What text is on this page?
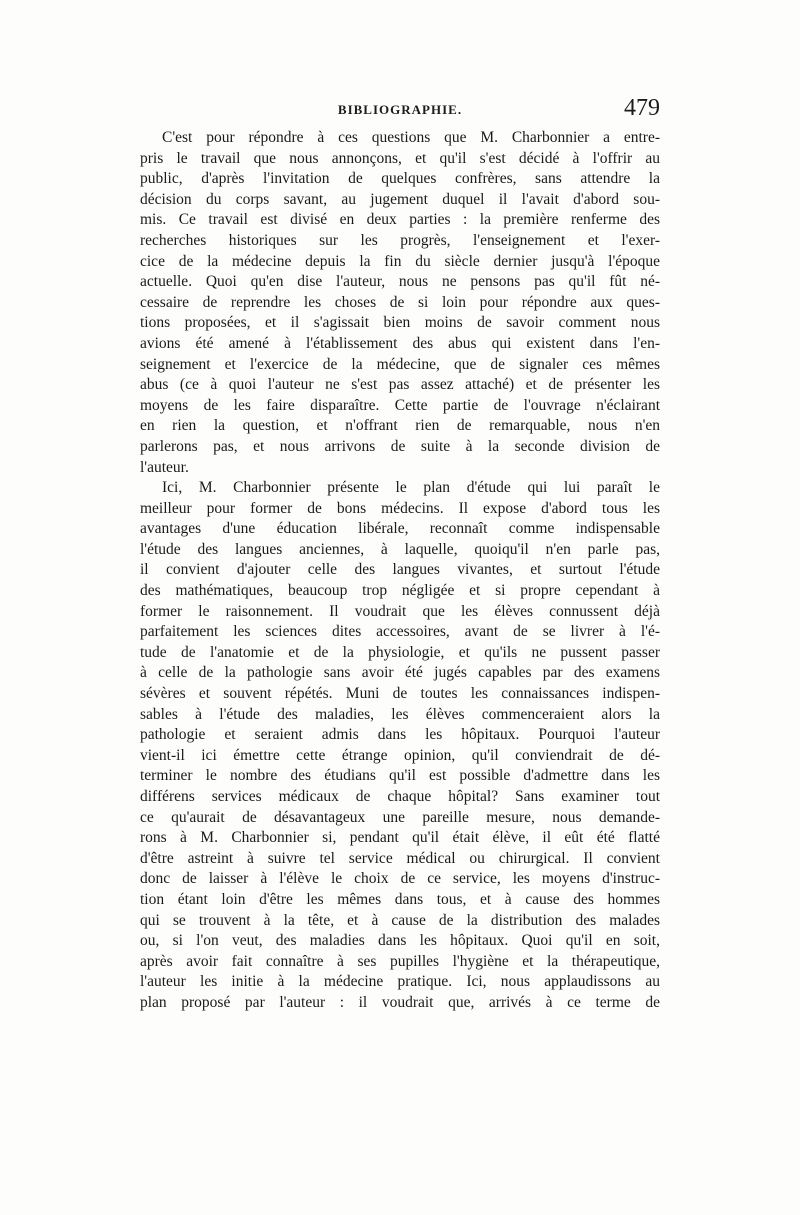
BIBLIOGRAPHIE.	479
C'est pour répondre à ces questions que M. Charbonnier a entre-
pris le travail que nous annonçons, et qu'il s'est décidé à l'offrir au
public, d'après l'invitation de quelques confrères, sans attendre la
décision du corps savant, au jugement duquel il l'avait d'abord sou-
mis. Ce travail est divisé en deux parties : la première renferme des
recherches historiques sur les progrès, l'enseignement et l'exer-
cice de la médecine depuis la fin du siècle dernier jusqu'à l'époque
actuelle. Quoi qu'en dise l'auteur, nous ne pensons pas qu'il fût né-
cessaire de reprendre les choses de si loin pour répondre aux ques-
tions proposées, et il s'agissait bien moins de savoir comment nous
avions été amené à l'établissement des abus qui existent dans l'en-
seignement et l'exercice de la médecine, que de signaler ces mêmes
abus (ce à quoi l'auteur ne s'est pas assez attaché) et de présenter les
moyens de les faire disparaître. Cette partie de l'ouvrage n'éclairant
en rien la question, et n'offrant rien de remarquable, nous n'en
parlerons pas, et nous arrivons de suite à la seconde division de
l'auteur.
Ici, M. Charbonnier présente le plan d'étude qui lui paraît le
meilleur pour former de bons médecins. Il expose d'abord tous les
avantages d'une éducation libérale, reconnaît comme indispensable
l'étude des langues anciennes, à laquelle, quoiqu'il n'en parle pas,
il convient d'ajouter celle des langues vivantes, et surtout l'étude
des mathématiques, beaucoup trop négligée et si propre cependant à
former le raisonnement. Il voudrait que les élèves connussent déjà
parfaitement les sciences dites accessoires, avant de se livrer à l'é-
tude de l'anatomie et de la physiologie, et qu'ils ne pussent passer
à celle de la pathologie sans avoir été jugés capables par des examens
sévères et souvent répétés. Muni de toutes les connaissances indispen-
sables à l'étude des maladies, les élèves commenceraient alors la
pathologie et seraient admis dans les hôpitaux. Pourquoi l'auteur
vient-il ici émettre cette étrange opinion, qu'il conviendrait de dé-
terminer le nombre des étudians qu'il est possible d'admettre dans les
différens services médicaux de chaque hôpital? Sans examiner tout
ce qu'aurait de désavantageux une pareille mesure, nous demande-
rons à M. Charbonnier si, pendant qu'il était élève, il eût été flatté
d'être astreint à suivre tel service médical ou chirurgical. Il convient
donc de laisser à l'élève le choix de ce service, les moyens d'instruc-
tion étant loin d'être les mêmes dans tous, et à cause des hommes
qui se trouvent à la tête, et à cause de la distribution des malades
ou, si l'on veut, des maladies dans les hôpitaux. Quoi qu'il en soit,
après avoir fait connaître à ses pupilles l'hygiène et la thérapeutique,
l'auteur les initie à la médecine pratique. Ici, nous applaudissons au
plan proposé par l'auteur : il voudrait que, arrivés à ce terme de
